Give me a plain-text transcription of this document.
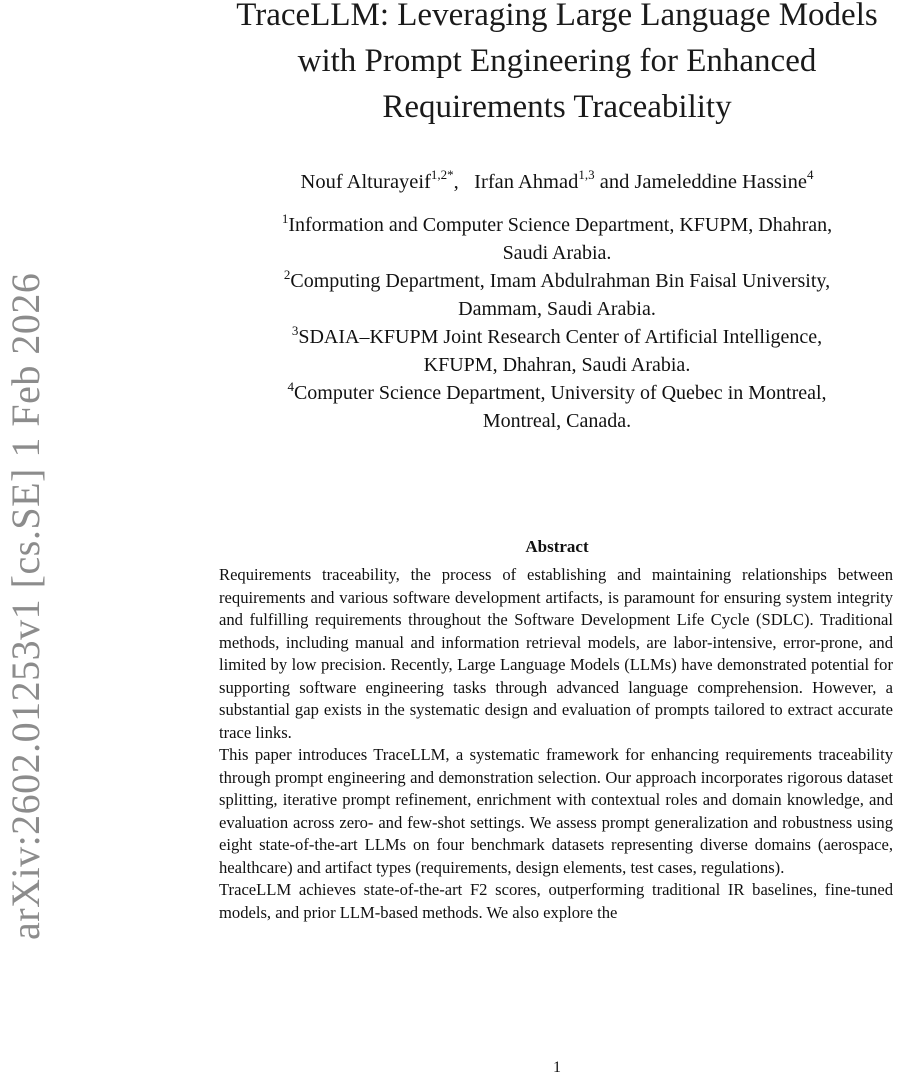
arXiv:2602.01253v1 [cs.SE] 1 Feb 2026
TraceLLM: Leveraging Large Language Models
with Prompt Engineering for Enhanced
Requirements Traceability
Nouf Alturayeif$^{1,2*}$, Irfan Ahmad$^{1,3}$ and Jameleddine Hassine$^4$

$^1$Information and Computer Science Department, KFUPM, Dhahran,
Saudi Arabia.

$^2$Computing Department, Imam Abdulrahman Bin Faisal University,
Dammam, Saudi Arabia.

$^3$SDAIA–KFUPM Joint Research Center of Artificial Intelligence,
KFUPM, Dhahran, Saudi Arabia.

$^4$Computer Science Department, University of Quebec in Montreal,
Montreal, Canada.

Abstract

Requirements traceability, the process of establishing and maintaining relationships between requirements and various software development artifacts, is paramount for ensuring system integrity and fulfilling requirements throughout the Software Development Life Cycle (SDLC). Traditional methods, including manual and information retrieval models, are labor-intensive, error-prone, and limited by low precision. Recently, Large Language Models (LLMs) have demonstrated potential for supporting software engineering tasks through advanced language comprehension. However, a substantial gap exists in the systematic design and evaluation of prompts tailored to extract accurate trace links.

This paper introduces TraceLLM, a systematic framework for enhancing requirements traceability through prompt engineering and demonstration selection. Our approach incorporates rigorous dataset splitting, iterative prompt refinement, enrichment with contextual roles and domain knowledge, and evaluation across zero- and few-shot settings. We assess prompt generalization and robustness using eight state-of-the-art LLMs on four benchmark datasets representing diverse domains (aerospace, healthcare) and artifact types (requirements, design elements, test cases, regulations).

TraceLLM achieves state-of-the-art F2 scores, outperforming traditional IR baselines, fine-tuned models, and prior LLM-based methods. We also explore the

1
